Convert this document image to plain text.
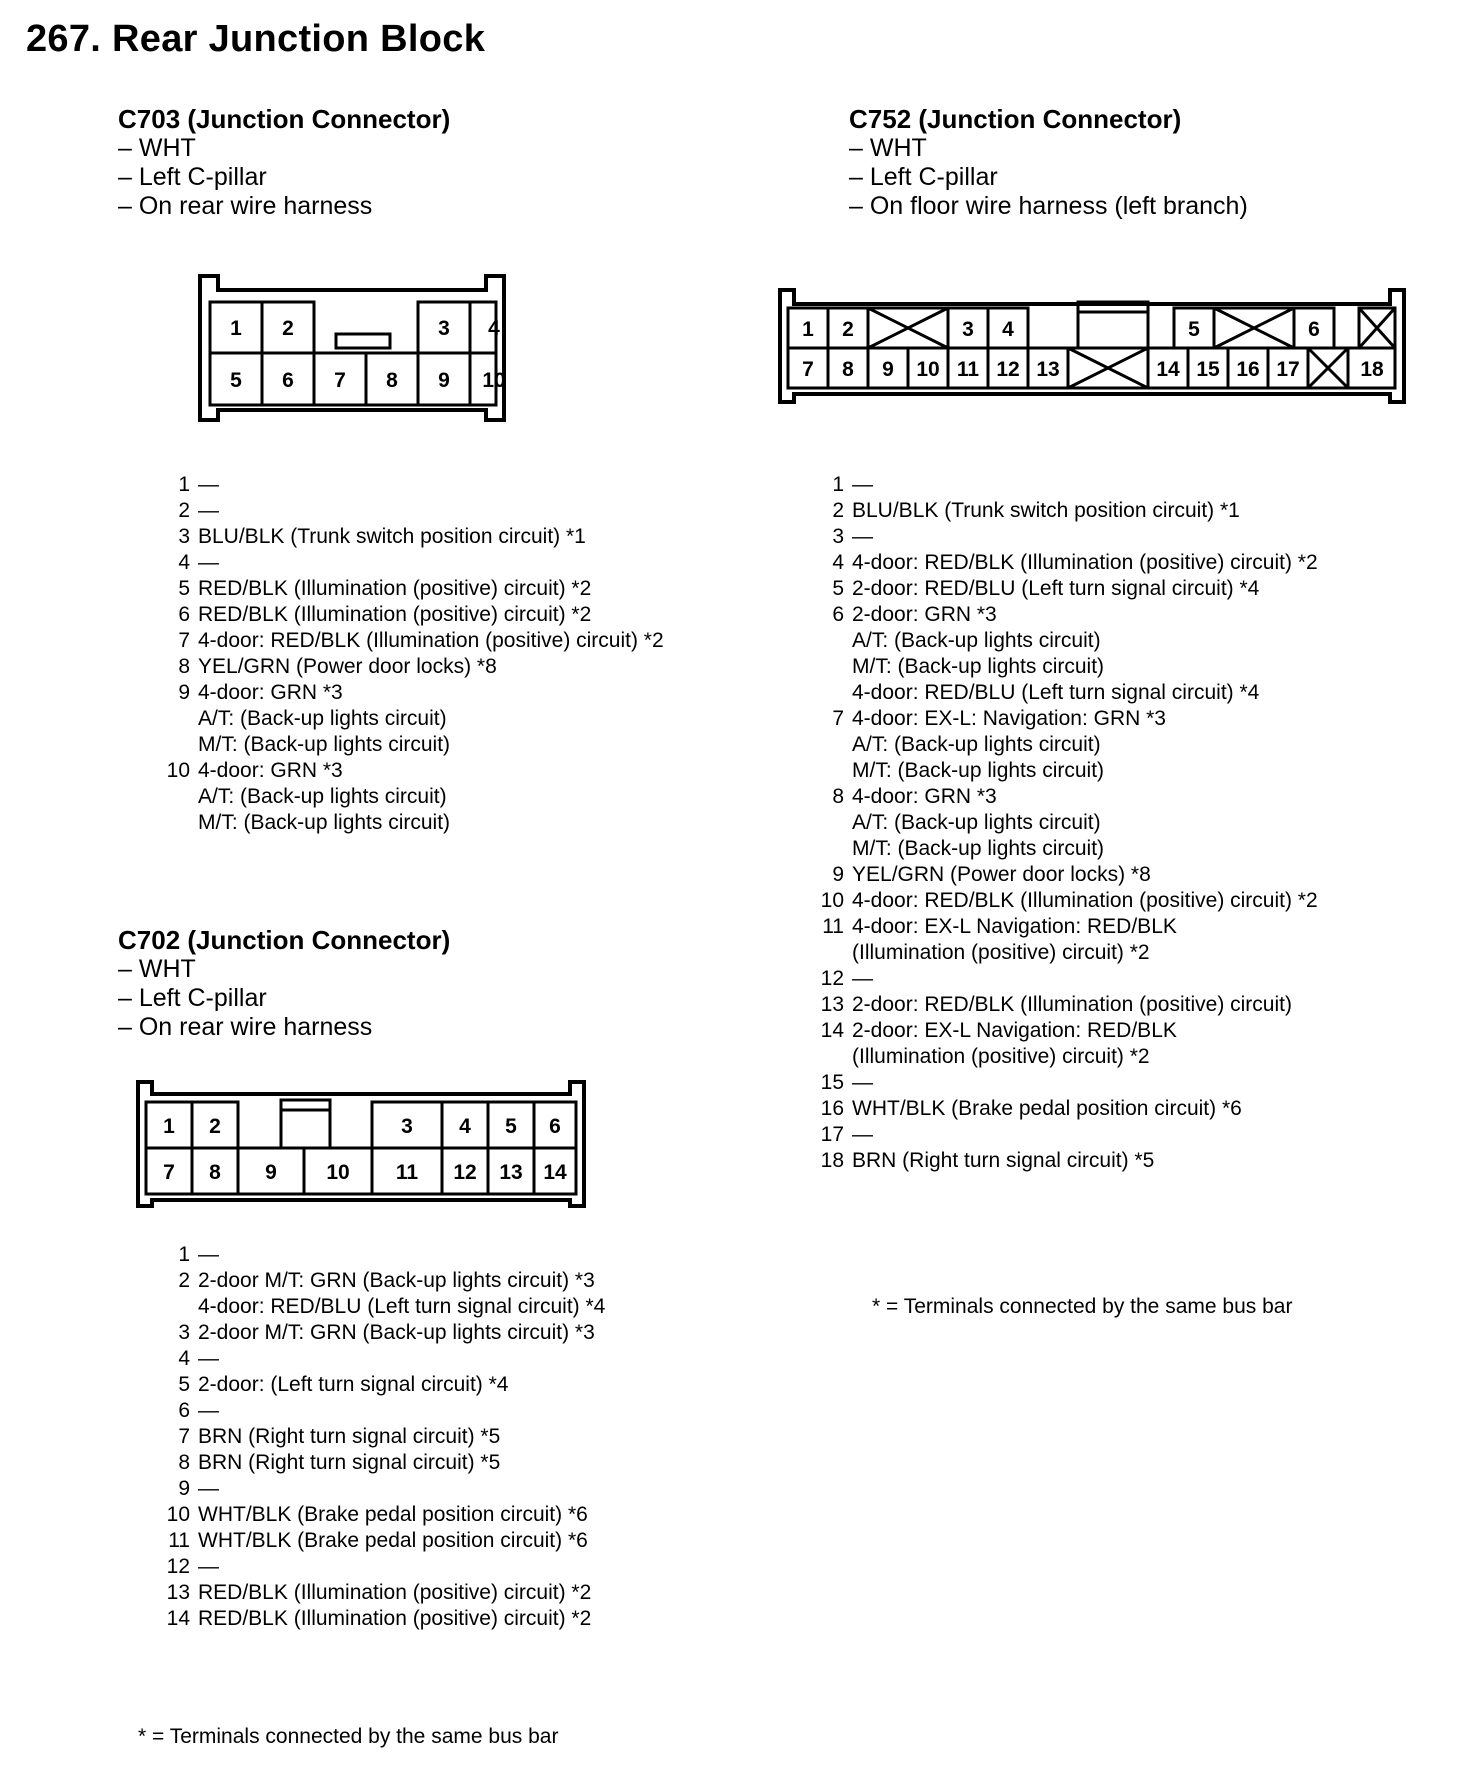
267. Rear Junction Block
C703 (Junction Connector)
– WHT
– Left C-pillar
– On rear wire harness
1 2	3 4
5 6 7 8 9 10
1 —
2 —
3 BLU/BLK (Trunk switch position circuit) *1
4 —
5 RED/BLK (Illumination (positive) circuit) *2
6 RED/BLK (Illumination (positive) circuit) *2
7 4-door: RED/BLK (Illumination (positive) circuit) *2
8 YEL/GRN (Power door locks) *8
9 4-door: GRN *3
A/T: (Back-up lights circuit)
M/T: (Back-up lights circuit)
10 4-door: GRN *3
A/T: (Back-up lights circuit)
M/T: (Back-up lights circuit)
C702 (Junction Connector)
– WHT
– Left C-pillar
– On rear wire harness
1 2	3 4 5 6
7 8 9 10 11 12 13 14
1 —
2 2-door M/T: GRN (Back-up lights circuit) *3
4-door: RED/BLU (Left turn signal circuit) *4
3 2-door M/T: GRN (Back-up lights circuit) *3
4 —
5 2-door: (Left turn signal circuit) *4
6 —
7 BRN (Right turn signal circuit) *5
8 BRN (Right turn signal circuit) *5
9 —
10 WHT/BLK (Brake pedal position circuit) *6
11 WHT/BLK (Brake pedal position circuit) *6
12 —
13 RED/BLK (Illumination (positive) circuit) *2
14 RED/BLK (Illumination (positive) circuit) *2
* = Terminals connected by the same bus bar
C752 (Junction Connector)
– WHT
– Left C-pillar
– On floor wire harness (left branch)
1 2	3 4	5	6
7 8 9 10 11 12 13	14 15 16 17	18
1 —
2 BLU/BLK (Trunk switch position circuit) *1
3 —
4 4-door: RED/BLK (Illumination (positive) circuit) *2
5 2-door: RED/BLU (Left turn signal circuit) *4
6 2-door: GRN *3
A/T: (Back-up lights circuit)
M/T: (Back-up lights circuit)
4-door: RED/BLU (Left turn signal circuit) *4
7 4-door: EX-L: Navigation: GRN *3
A/T: (Back-up lights circuit)
M/T: (Back-up lights circuit)
8 4-door: GRN *3
A/T: (Back-up lights circuit)
M/T: (Back-up lights circuit)
9 YEL/GRN (Power door locks) *8
10 4-door: RED/BLK (Illumination (positive) circuit) *2
11 4-door: EX-L Navigation: RED/BLK
(Illumination (positive) circuit) *2
12 —
13 2-door: RED/BLK (Illumination (positive) circuit)
14 2-door: EX-L Navigation: RED/BLK
(Illumination (positive) circuit) *2
15 —
16 WHT/BLK (Brake pedal position circuit) *6
17 —
18 BRN (Right turn signal circuit) *5
* = Terminals connected by the same bus bar
